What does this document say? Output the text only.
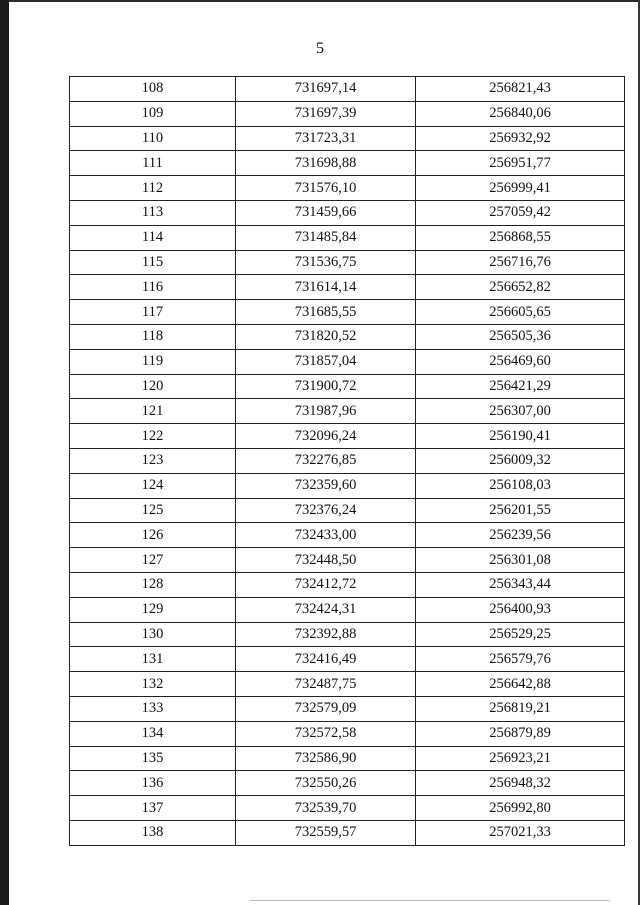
5
108	731697,14	256821,43
109	731697,39	256840,06
110	731723,31	256932,92
111	731698,88	256951,77
112	731576,10	256999,41
113	731459,66	257059,42
114	731485,84	256868,55
115	731536,75	256716,76
116	731614,14	256652,82
117	731685,55	256605,65
118	731820,52	256505,36
119	731857,04	256469,60
120	731900,72	256421,29
121	731987,96	256307,00
122	732096,24	256190,41
123	732276,85	256009,32
124	732359,60	256108,03
125	732376,24	256201,55
126	732433,00	256239,56
127	732448,50	256301,08
128	732412,72	256343,44
129	732424,31	256400,93
130	732392,88	256529,25
131	732416,49	256579,76
132	732487,75	256642,88
133	732579,09	256819,21
134	732572,58	256879,89
135	732586,90	256923,21
136	732550,26	256948,32
137	732539,70	256992,80
138	732559,57	257021,33
